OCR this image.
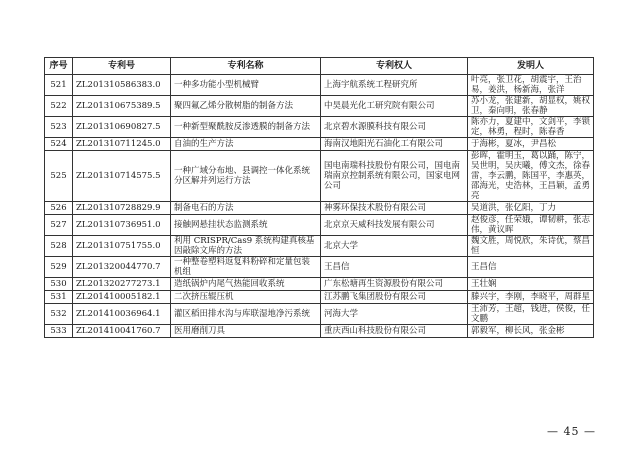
序号	专利号	专利名称	专利权人	发明人
521	ZL201310586383.0	一种多功能小型机械臂	上海宇航系统工程研究所	叶亮，张卫花，胡震宇，王治易，姜洪，杨新海，张洋
522	ZL201310675389.5	聚四氟乙烯分散树脂的制备方法	中昊晨光化工研究院有限公司	苏小龙，张建新，胡显权，姚权卫，秦向明，张春静
523	ZL201310690827.5	一种新型聚酰胺反渗透膜的制备方法	北京碧水源膜科技有限公司	陈亦力，夏建中，文剑平，李锁定，林勇，程时，陈春香
524	ZL201310711245.0	自油的生产方法	海南汉地阳光石油化工有限公司	于海彬，夏冰，尹昌松
525	ZL201310714575.5	一种广域分布地、县调控一体化系统分区解并列运行方法	国电南瑞科技股份有限公司，国电南瑞南京控制系统有限公司，国家电网公司	彭晖，霍明玉，葛以踊，陈宁，吴世明，吴庆曦，傅文杰，徐春雷，李云鹏，陈国平，李惠英，邵海光，史浩林，王昌颖，孟勇亮
526	ZL201310728829.9	制备电石的方法	神雾环保技术股份有限公司	吴道洪，张亿阳，丁力
527	ZL201310736951.0	接触网悬挂状态监测系统	北京京天威科技发展有限公司	赵俊彦，任荣娥，谭韧耕，张志伟，黄议晖
528	ZL201310751755.0	利用 CRISPR/Cas9 系统构建真核基因敲除文库的方法	北京大学	魏文胜，周悦欣，朱诗优，蔡昌恒
529	ZL201320044770.7	一种整卷塑料返复料粉碎和定量包装机组	王昌信	王昌信
530	ZL201320277273.1	造纸锅炉内尾气热能回收系统	广东松塘再生资源股份有限公司	王壮娴
531	ZL201410005182.1	二次挤压辊压机	江苏鹏飞集团股份有限公司	滕兴宇，李刚，李晓平，周群星
532	ZL201410036964.1	灌区稻田排水沟与库联湿地净污系统	河海大学	王沛芳，王超，钱进，侯俊，任文鹏
533	ZL201410041760.7	医用磨削刀具	重庆西山科技股份有限公司	郭毅军，柳长风，张金彬
— 45 —
